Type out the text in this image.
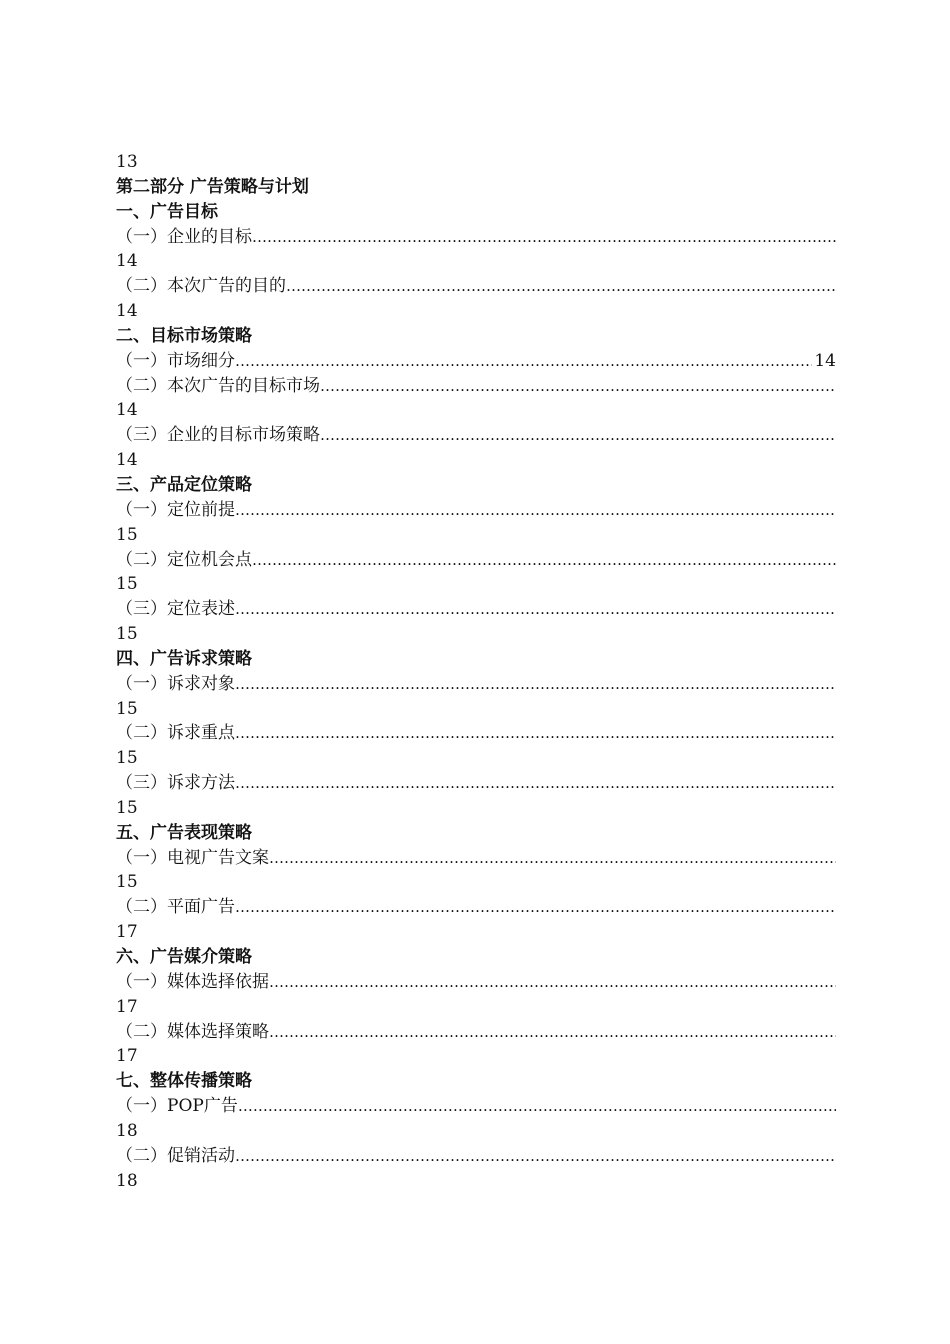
13
第二部分 广告策略与计划
一、广告目标
（一）企业的目标
…………………………………………………………………………………………………………………………………………………………………………………………………
14
（二）本次广告的目的
…………………………………………………………………………………………………………………………………………………………………………………………………
14
二、目标市场策略
（一）市场细分
…………………………………………………………………………………………………………………………………………………………………………………………………	14
（二）本次广告的目标市场
…………………………………………………………………………………………………………………………………………………………………………………………………
14
（三）企业的目标市场策略
…………………………………………………………………………………………………………………………………………………………………………………………………
14
三、产品定位策略
（一）定位前提
…………………………………………………………………………………………………………………………………………………………………………………………………
15
（二）定位机会点
…………………………………………………………………………………………………………………………………………………………………………………………………
15
（三）定位表述
…………………………………………………………………………………………………………………………………………………………………………………………………
15
四、广告诉求策略
（一）诉求对象
…………………………………………………………………………………………………………………………………………………………………………………………………
15
（二）诉求重点
…………………………………………………………………………………………………………………………………………………………………………………………………
15
（三）诉求方法
…………………………………………………………………………………………………………………………………………………………………………………………………
15
五、广告表现策略
（一）电视广告文案
…………………………………………………………………………………………………………………………………………………………………………………………………
15
（二）平面广告
…………………………………………………………………………………………………………………………………………………………………………………………………
17
六、广告媒介策略
（一）媒体选择依据
…………………………………………………………………………………………………………………………………………………………………………………………………
17
（二）媒体选择策略
…………………………………………………………………………………………………………………………………………………………………………………………………
17
七、整体传播策略
（一）POP广告
…………………………………………………………………………………………………………………………………………………………………………………………………
18
（二）促销活动
…………………………………………………………………………………………………………………………………………………………………………………………………
18
